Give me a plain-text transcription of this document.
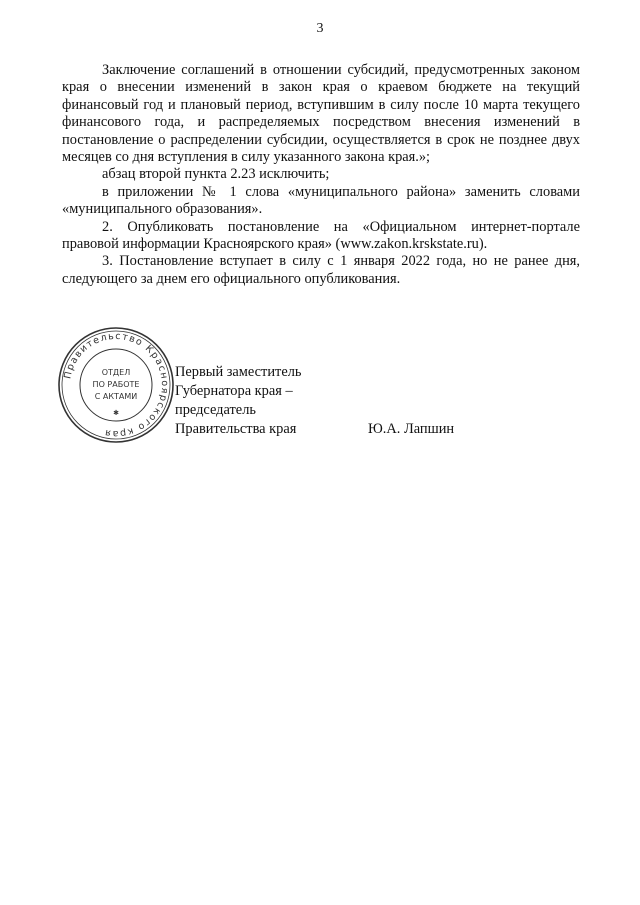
3

Заключение соглашений в отношении субсидий, предусмотренных законом края о внесении изменений в закон края о краевом бюджете на текущий финансовый год и плановый период, вступившим в силу после 10 марта текущего финансового года, и распределяемых посредством внесения изменений в постановление о распределении субсидии, осуществляется в срок не позднее двух месяцев со дня вступления в силу указанного закона края.»;

абзац второй пункта 2.23 исключить;

в приложении № 1 слова «муниципального района» заменить словами «муниципального образования».

2. Опубликовать постановление на «Официальном интернет-портале правовой информации Красноярского края» (www.zakon.krskstate.ru).

3. Постановление вступает в силу с 1 января 2022 года, но не ранее дня, следующего за днем его официального опубликования.

Правительство Красноярского края
ОТДЕЛ
ПО РАБОТЕ
С АКТАМИ
✱
Первый заместитель
Губернатора края –
председатель
Правительства края	Ю.А. Лапшин
